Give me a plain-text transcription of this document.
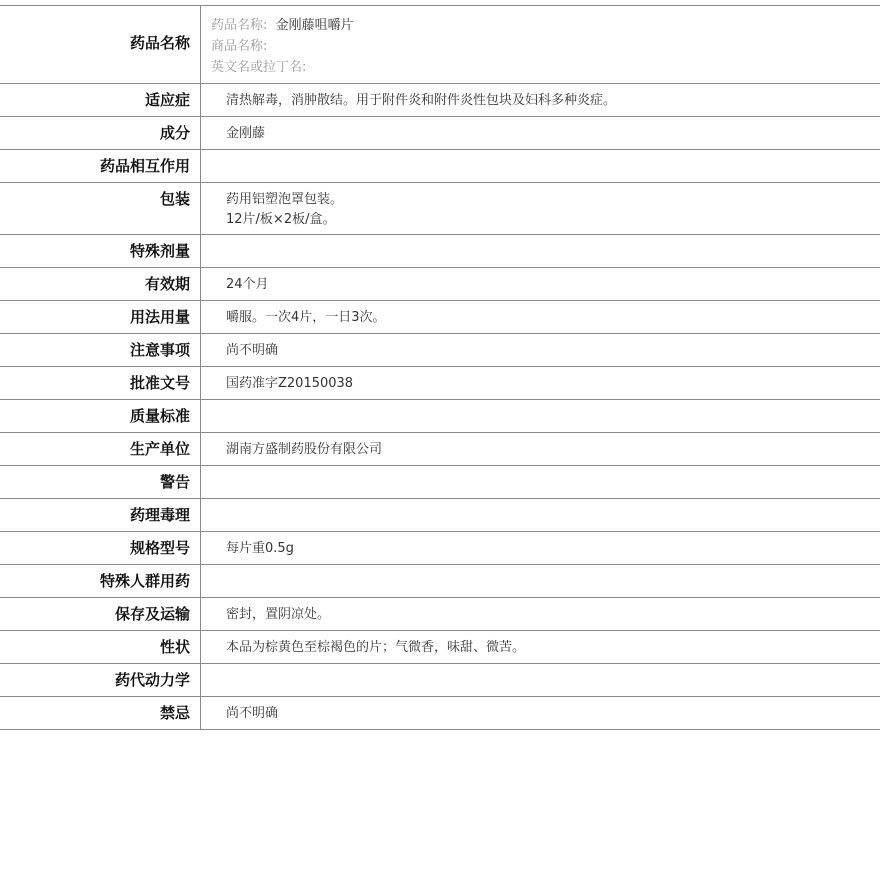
药品名称	药品名称: 金刚藤咀嚼片
商品名称:
英文名或拉丁名:

适应症	清热解毒，消肿散结。用于附件炎和附件炎性包块及妇科多种炎症。

成分	金刚藤

药品相互作用	

包装	药用铝塑泡罩包装。
12片/板×2板/盒。

特殊剂量	

有效期	24个月

用法用量	嚼服。一次4片，一日3次。

注意事项	尚不明确

批准文号	国药准字Z20150038

质量标准	

生产单位	湖南方盛制药股份有限公司

警告	

药理毒理	

规格型号	每片重0.5g

特殊人群用药	

保存及运输	密封，置阴凉处。

性状	本品为棕黄色至棕褐色的片；气微香，味甜、微苦。

药代动力学	

禁忌	尚不明确
